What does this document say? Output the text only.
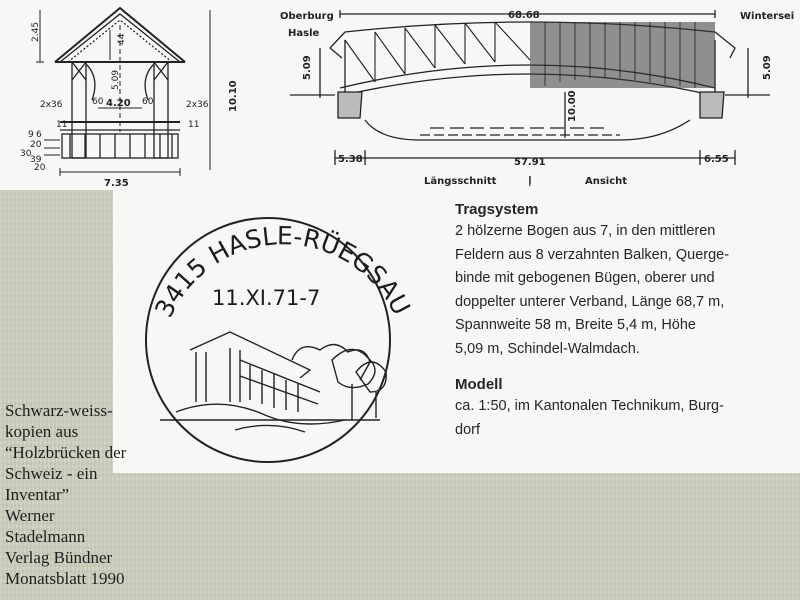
2.45	44
5.09
4.20
60	60
2x36	2x36
11	11
10.10
7.35
9 6
20
30
39
20
Oberburg
Hasle
Wintersei
68.68
5.09	5.09
10.00
57.91
5.38	6.55
Längsschnitt	|	Ansicht
3415 HASLE-RÜEGSAU
11.XI.71-7
Tragsystem

2 hölzerne Bogen aus 7, in den mittleren

Feldern aus 8 verzahnten Balken, Querge-

binde mit gebogenen Bügen, oberer und

doppelter unterer Verband, Länge 68,7 m,

Spannweite 58 m, Breite 5,4 m, Höhe

5,09 m, Schindel-Walmdach.

Modell

ca. 1:50, im Kantonalen Technikum, Burg-

dorf

Schwarz-weiss-
kopien aus
“Holzbrücken der
Schweiz - ein
Inventar”
Werner
Stadelmann
Verlag Bündner
Monatsblatt 1990
